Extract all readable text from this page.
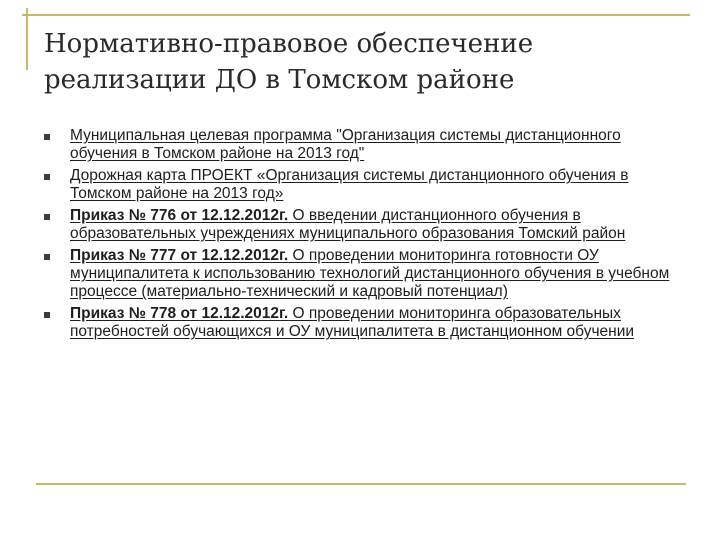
Нормативно-правовое обеспечение
реализации ДО в Томском районе
Муниципальная целевая программа "Организация системы дистанционного обучения в Томском районе на 2013 год"
Дорожная карта ПРОЕКТ «Организация системы дистанционного обучения в Томском районе на 2013 год»
Приказ № 776 от 12.12.2012г. О введении дистанционного обучения в образовательных учреждениях муниципального образования Томский район
Приказ № 777 от 12.12.2012г. О проведении мониторинга готовности ОУ муниципалитета к использованию технологий дистанционного обучения в учебном процессе (материально-технический и кадровый потенциал)
Приказ № 778 от 12.12.2012г. О проведении мониторинга образовательных потребностей обучающихся и ОУ муниципалитета в дистанционном обучении
